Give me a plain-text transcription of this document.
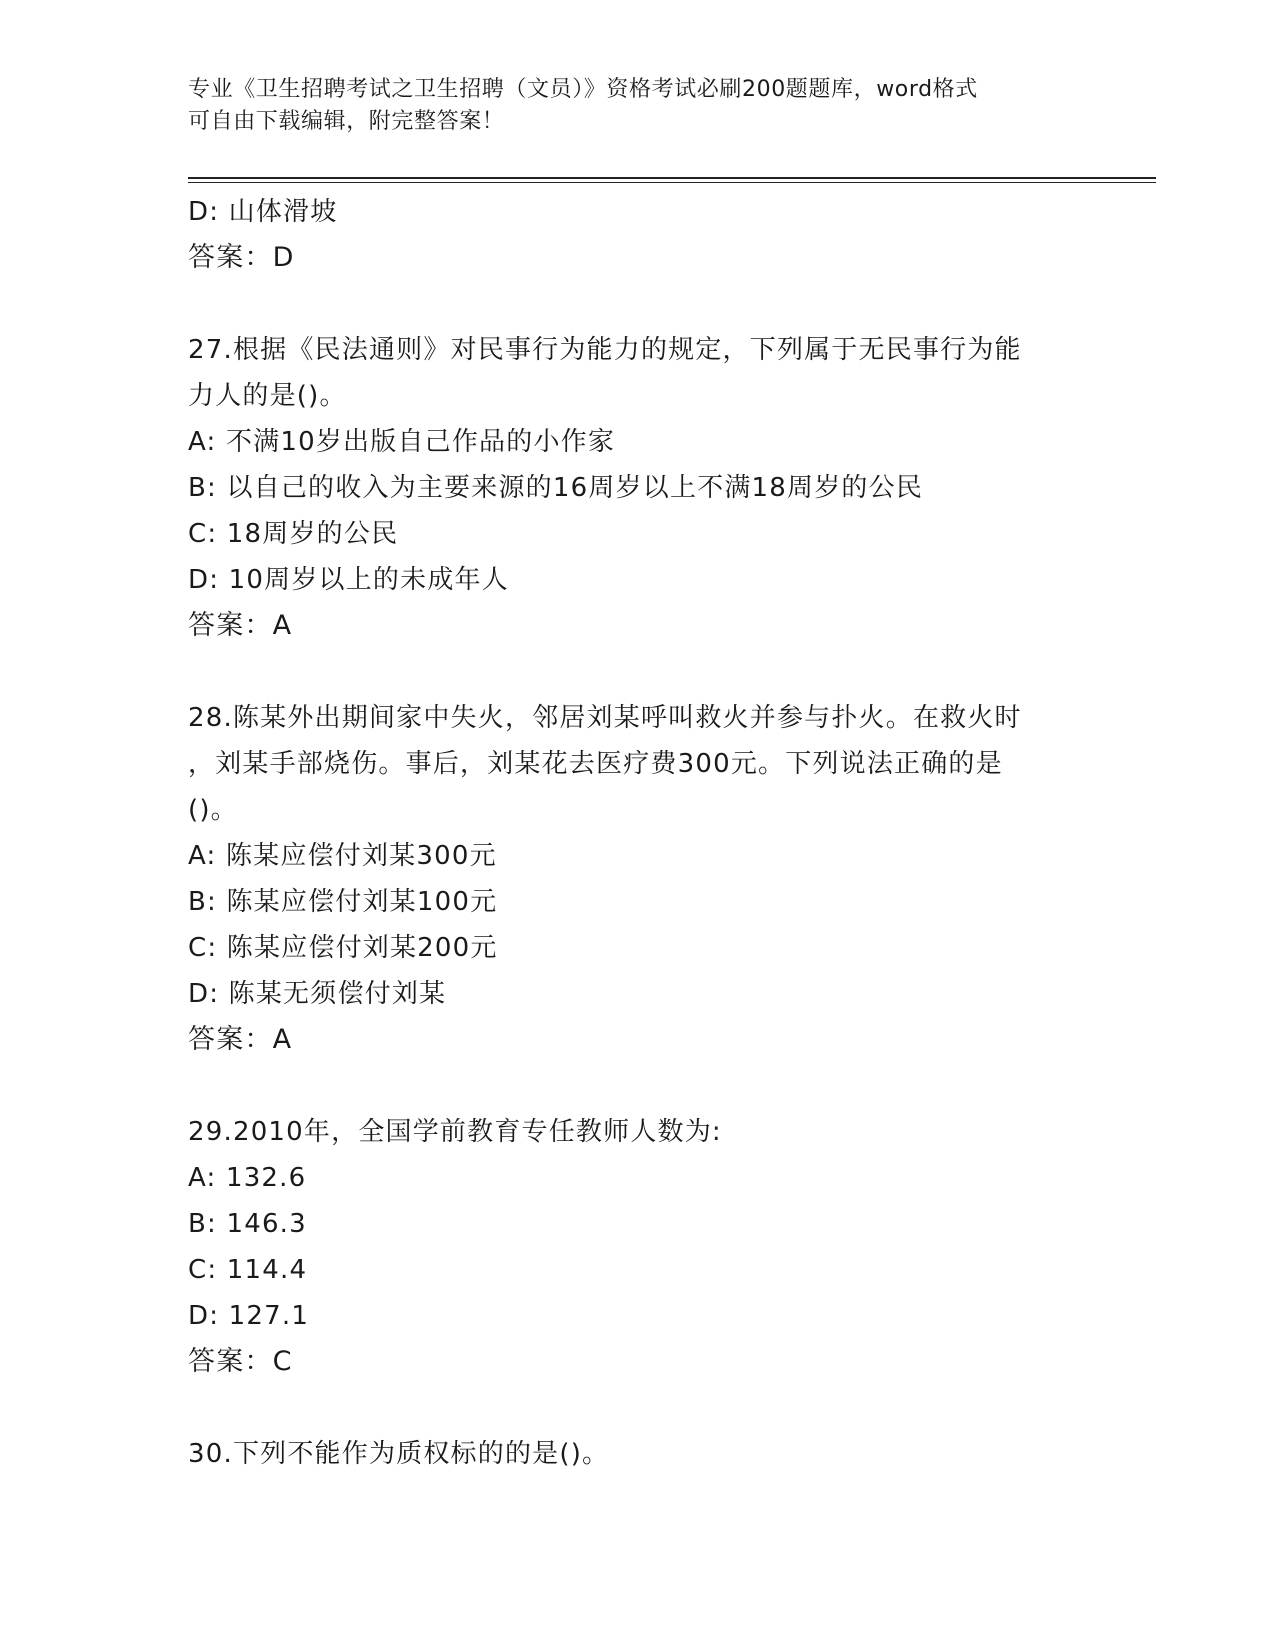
专业《卫生招聘考试之卫生招聘（文员）》资格考试必刷200题题库，word格式
可自由下载编辑，附完整答案！
D: 山体滑坡
答案：D
27.根据《民法通则》对民事行为能力的规定，下列属于无民事行为能
力人的是()。
A: 不满10岁出版自己作品的小作家
B: 以自己的收入为主要来源的16周岁以上不满18周岁的公民
C: 18周岁的公民
D: 10周岁以上的未成年人
答案：A
28.陈某外出期间家中失火，邻居刘某呼叫救火并参与扑火。在救火时
，刘某手部烧伤。事后，刘某花去医疗费300元。下列说法正确的是
()。
A: 陈某应偿付刘某300元
B: 陈某应偿付刘某100元
C: 陈某应偿付刘某200元
D: 陈某无须偿付刘某
答案：A
29.2010年，全国学前教育专任教师人数为:
A: 132.6
B: 146.3
C: 114.4
D: 127.1
答案：C
30.下列不能作为质权标的的是()。
